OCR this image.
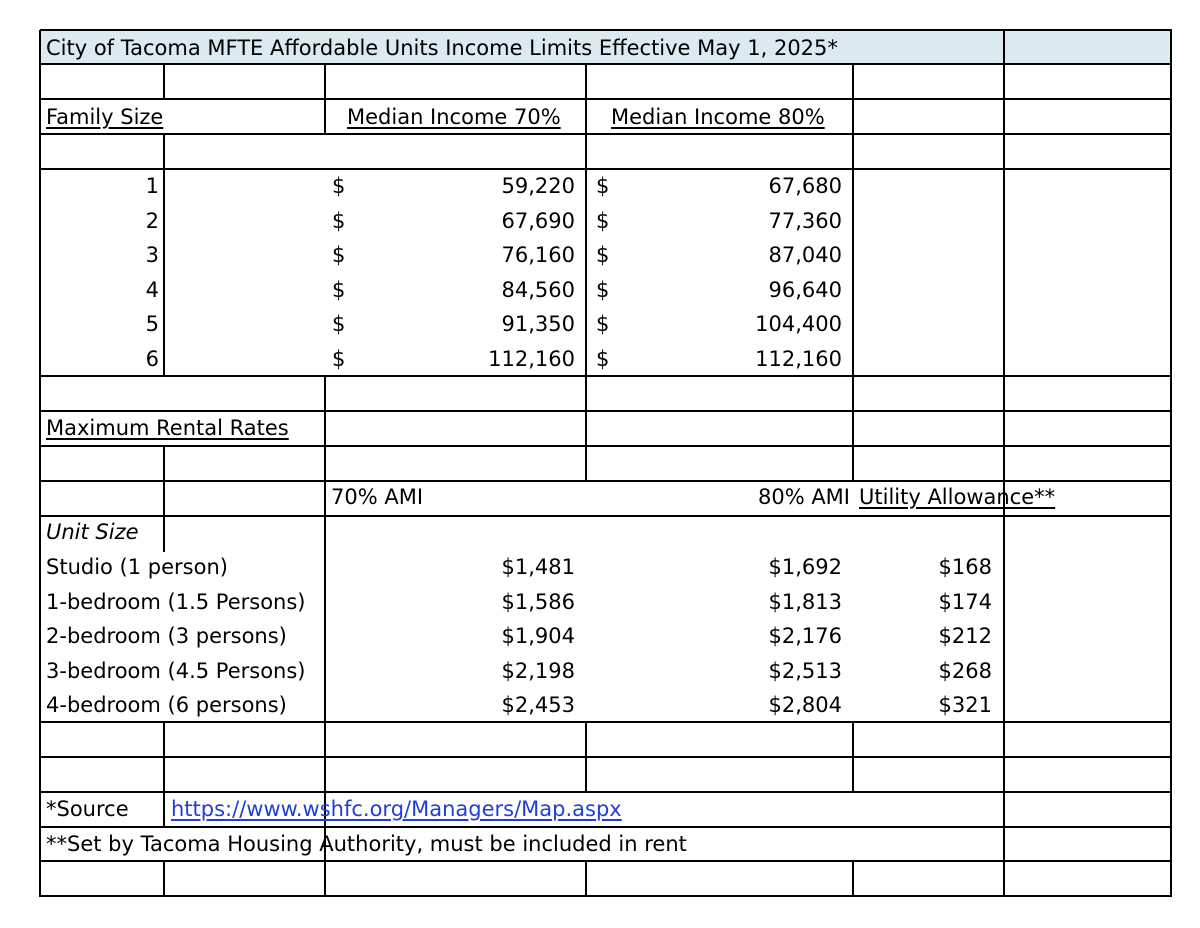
City of Tacoma MFTE Affordable Units Income Limits Effective May 1, 2025*
Family Size	Median Income 70% Median Income 80%
1	$	59,220 $	67,680
2	$	67,690 $	77,360
3	$	76,160 $	87,040
4	$	84,560 $	96,640
5	$	91,350 $	104,400
6	$	112,160 $	112,160
Maximum Rental Rates
70% AMI	80% AMI Utility Allowance**
Unit Size
Studio (1 person)	$1,481	$1,692	$168
1-bedroom (1.5 Persons)	$1,586	$1,813	$174
2-bedroom (3 persons)	$1,904	$2,176	$212
3-bedroom (4.5 Persons)	$2,198	$2,513	$268
4-bedroom (6 persons)	$2,453	$2,804	$321
*Source https://www.wshfc.org/Managers/Map.aspx
**Set by Tacoma Housing Authority, must be included in rent
